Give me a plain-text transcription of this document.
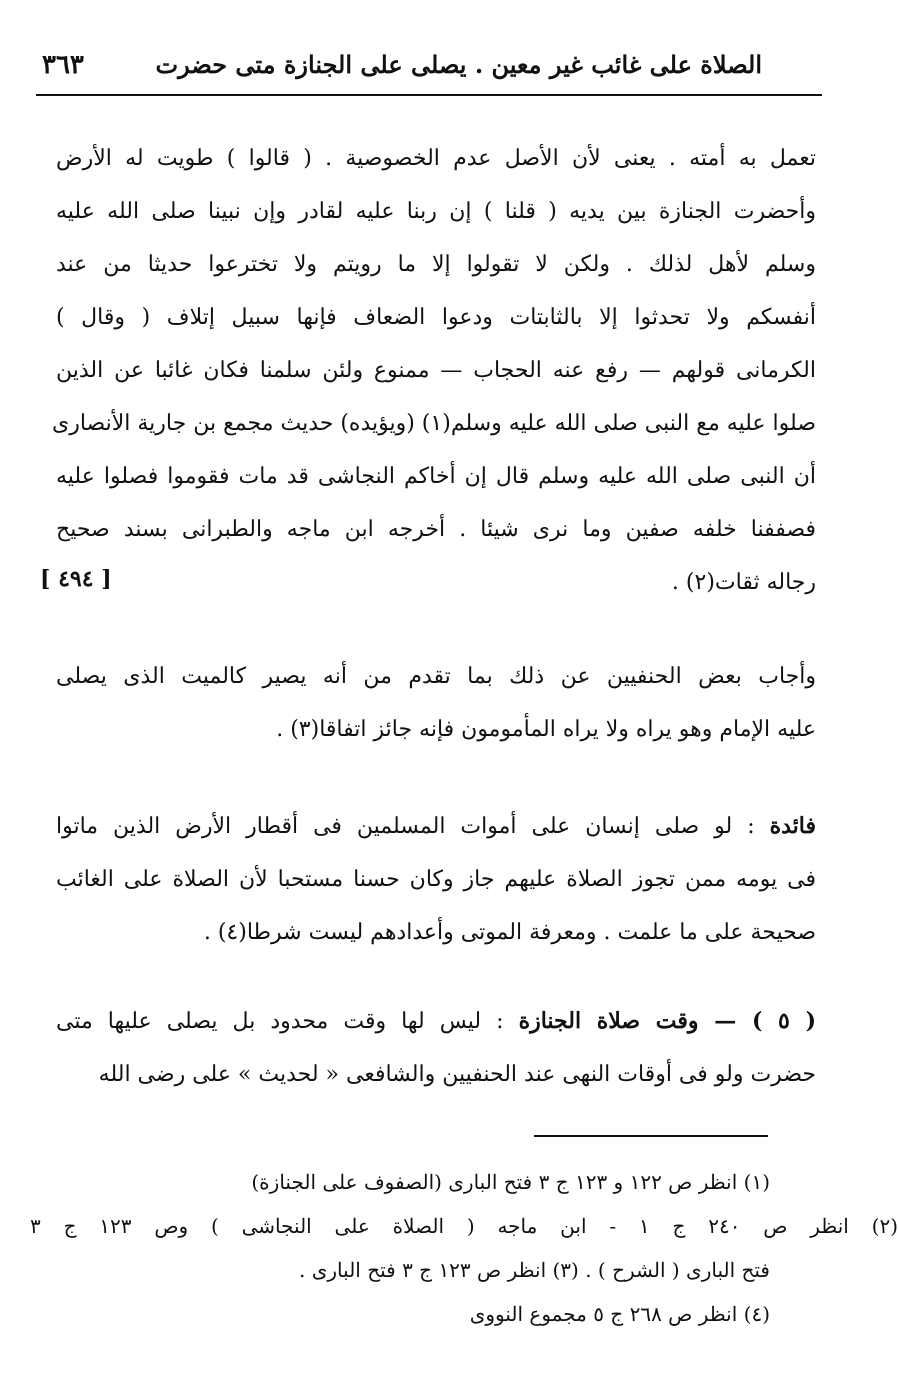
الصلاة على غائب غير معين . يصلى على الجنازة متى حضرت
٣٦٣
تعمل به أمته . يعنى لأن الأصل عدم الخصوصية . ( قالوا ) طويت له الأرض
وأحضرت الجنازة بين يديه ( قلنا ) إن ربنا عليه لقادر وإن نبينا صلى الله عليه
وسلم لأهل لذلك . ولكن لا تقولوا إلا ما رويتم ولا تخترعوا حديثا من عند
أنفسكم ولا تحدثوا إلا بالثابتات ودعوا الضعاف فإنها سبيل إتلاف ( وقال )
الكرمانى قولهم — رفع عنه الحجاب — ممنوع ولئن سلمنا فكان غائبا عن الذين
صلوا عليه مع النبى صلى الله عليه وسلم(١) (ويؤيده) حديث مجمع بن جارية الأنصارى
أن النبى صلى الله عليه وسلم قال إن أخاكم النجاشى قد مات فقوموا فصلوا عليه
فصففنا خلفه صفين وما نرى شيئا . أخرجه ابن ماجه والطبرانى بسند صحيح
رجاله ثقات(٢) .
[ ٤٩٤ ]
وأجاب بعض الحنفيين عن ذلك بما تقدم من أنه يصير كالميت الذى يصلى
عليه الإمام وهو يراه ولا يراه المأمومون فإنه جائز اتفاقا(٣) .
فائدة : لو صلى إنسان على أموات المسلمين فى أقطار الأرض الذين ماتوا
فى يومه ممن تجوز الصلاة عليهم جاز وكان حسنا مستحبا لأن الصلاة على الغائب
صحيحة على ما علمت . ومعرفة الموتى وأعدادهم ليست شرطا(٤) .
( ٥ ) — وقت صلاة الجنازة : ليس لها وقت محدود بل يصلى عليها متى
حضرت ولو فى أوقات النهى عند الحنفيين والشافعى « لحديث » على رضى الله
(١) انظر ص ١٢٢ و ١٢٣ ج ٣ فتح البارى (الصفوف على الجنازة)
(٢) انظر ص ٢٤٠ ج ١ - ابن ماجه ( الصلاة على النجاشى ) وص ١٢٣ ج ٣
فتح البارى ( الشرح ) . (٣) انظر ص ١٢٣ ج ٣ فتح البارى .
(٤) انظر ص ٢٦٨ ج ٥ مجموع النووى
